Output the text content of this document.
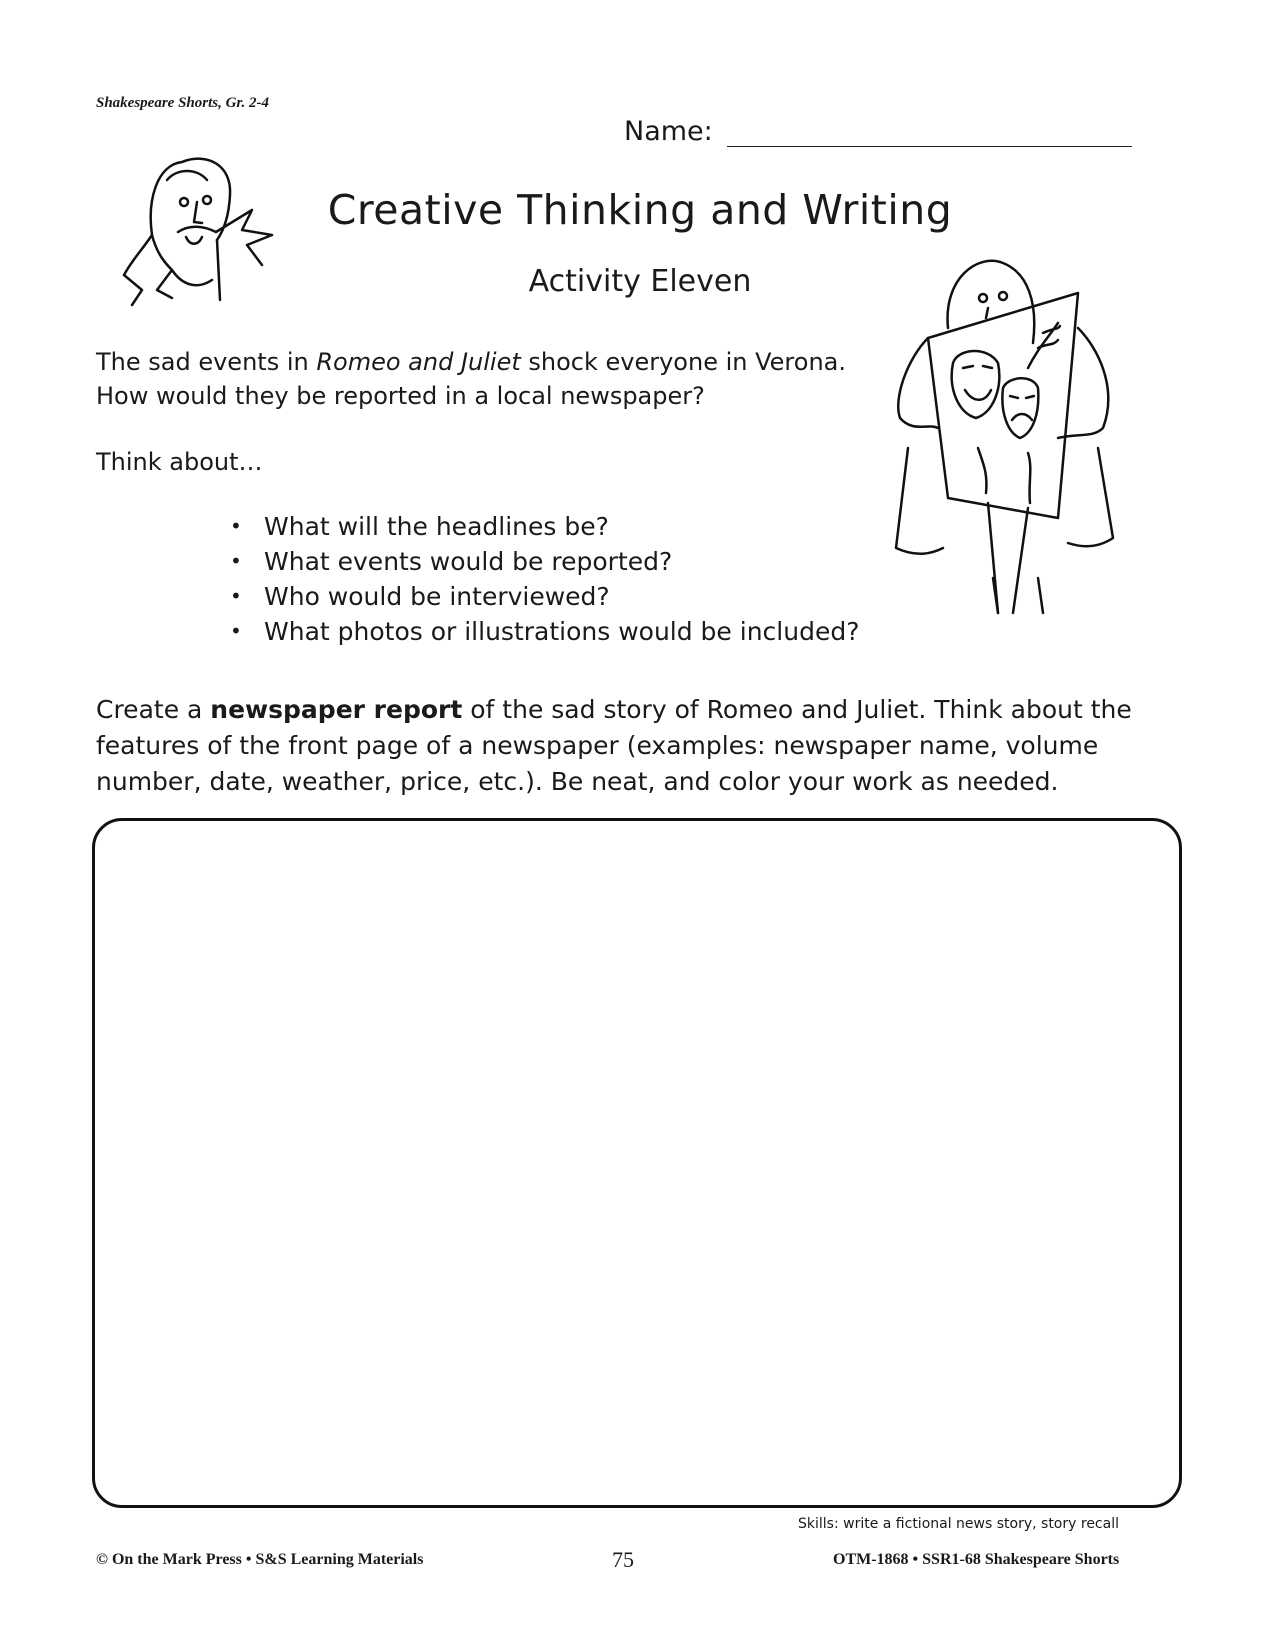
Shakespeare Shorts, Gr. 2-4
Name:
Creative Thinking and Writing
Activity Eleven
The sad events in Romeo and Juliet shock everyone in Verona.
How would they be reported in a local newspaper?
Think about…
• What will the headlines be?
• What events would be reported?
• Who would be interviewed?
• What photos or illustrations would be included?
Create a newspaper report of the sad story of Romeo and Juliet. Think about the features of the front page of a newspaper (examples: newspaper name, volume number, date, weather, price, etc.). Be neat, and color your work as needed.
Skills: write a fictional news story, story recall
© On the Mark Press • S&S Learning Materials	75	OTM-1868 • SSR1-68 Shakespeare Shorts
